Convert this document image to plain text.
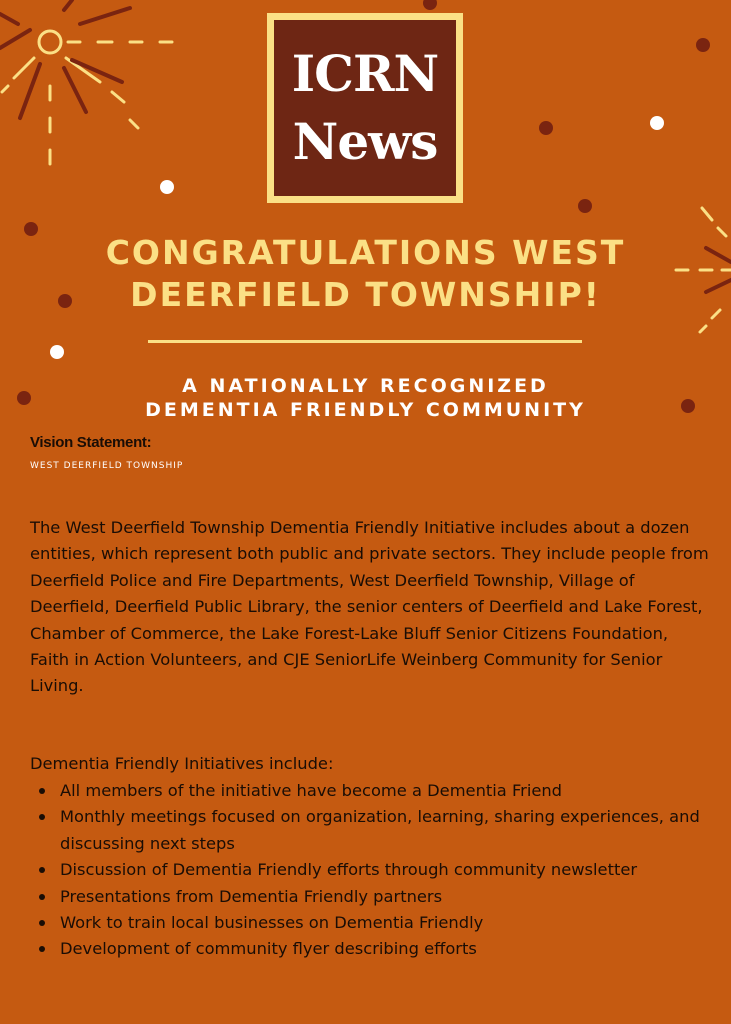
ICRN
News
CONGRATULATIONS WEST DEERFIELD TOWNSHIP!
A NATIONALLY RECOGNIZED
DEMENTIA FRIENDLY COMMUNITY
Vision Statement:
WEST DEERFIELD TOWNSHIP
The West Deerfield Township Dementia Friendly Initiative includes about a dozen entities, which represent both public and private sectors. They include people from Deerfield Police and Fire Departments, West Deerfield Township, Village of Deerfield, Deerfield Public Library, the senior centers of Deerfield and Lake Forest, Chamber of Commerce, the Lake Forest-Lake Bluff Senior Citizens Foundation, Faith in Action Volunteers, and CJE SeniorLife Weinberg Community for Senior Living.
Dementia Friendly Initiatives include:
All members of the initiative have become a Dementia Friend
Monthly meetings focused on organization, learning, sharing experiences, and discussing next steps
Discussion of Dementia Friendly efforts through community newsletter
Presentations from Dementia Friendly partners
Work to train local businesses on Dementia Friendly
Development of community flyer describing efforts
